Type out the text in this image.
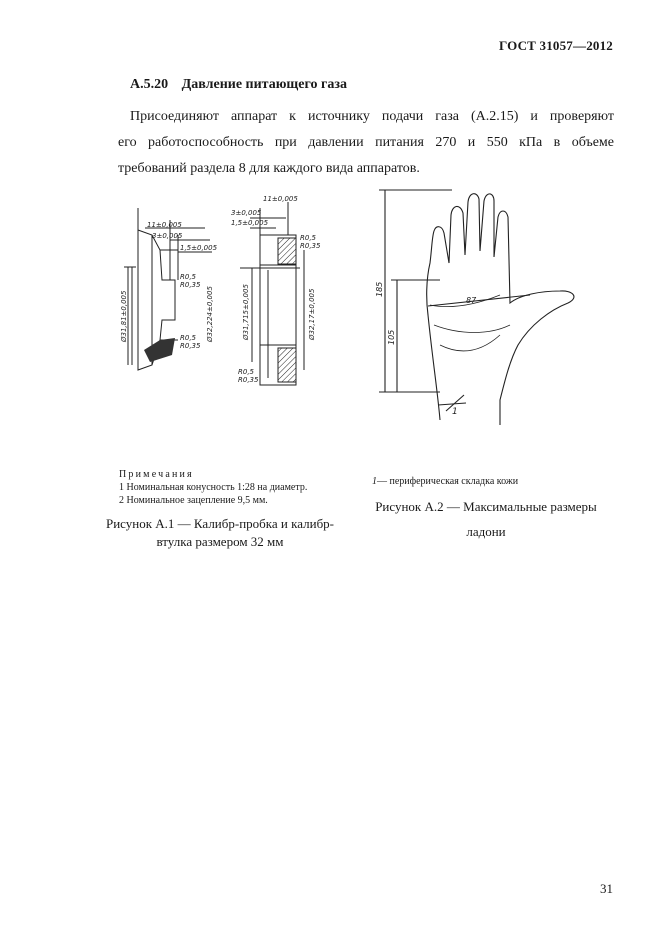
ГОСТ 31057—2012
А.5.20 Давление питающего газа

Присоединяют аппарат к источнику подачи газа (А.2.15) и проверяют

его работоспособность при давлении питания 270 и 550 кПа в объеме

требований раздела 8 для каждого вида аппаратов.

11±0,005
3±0,005
1,5±0,005
R0,5
R0,35
R0,5
R0,35
Ø31,81±0,005	Ø32,224±0,005
11±0,005
3±0,005
1,5±0,005
R0,5
R0,35
Ø31,715±0,005	Ø32,17±0,005
R0,5
R0,35
185
105
87
1
Примечания
1 Номинальная конусность 1:28 на диаметр.
2 Номинальное зацепление 9,5 мм.
Рисунок А.1 — Калибр-пробка и калибр-
втулка размером 32 мм
1— периферическая складка кожи
Рисунок А.2 — Максимальные размеры
ладони
31
